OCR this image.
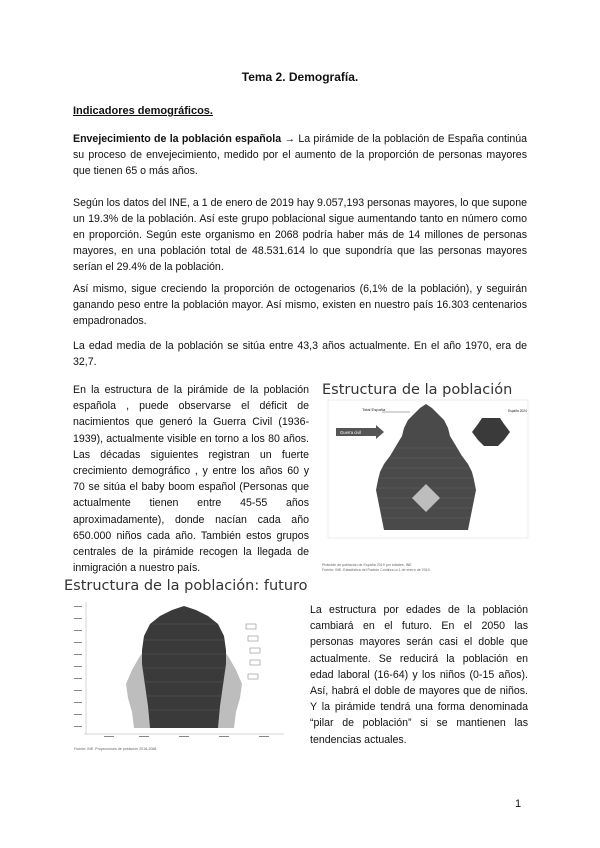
Tema 2. Demografía.
Indicadores demográficos.

Envejecimiento de la población española → La pirámide de la población de España continúa su proceso de envejecimiento, medido por el aumento de la proporción de personas mayores que tienen 65 o más años.

Según los datos del INE, a 1 de enero de 2019 hay 9.057,193 personas mayores, lo que supone un 19.3% de la población. Así este grupo poblacional sigue aumentando tanto en número como en proporción. Según este organismo en 2068 podría haber más de 14 millones de personas mayores, en una población total de 48.531.614 lo que supondría que las personas mayores serían el 29.4% de la población.

Así mismo, sigue creciendo la proporción de octogenarios (6,1% de la población), y seguirán ganando peso entre la población mayor. Así mismo, existen en nuestro país 16.303 centenarios empadronados.

La edad media de la población se sitúa entre 43,3 años actualmente. En el año 1970, era de 32,7.

En la estructura de la pirámide de la población española , puede observarse el déficit de nacimientos que generó la Guerra Civil (1936-1939), actualmente visible en torno a los 80 años. Las décadas siguientes registran un fuerte crecimiento demográfico , y entre los años 60 y 70 se sitúa el baby boom español (Personas que actualmente tienen entre 45-55 años aproximadamente), donde nacían cada año 650.000 niños cada año. También estos grupos centrales de la pirámide recogen la llegada de inmigración a nuestro país.

Estructura de la población
Total España
Guerra civil
España 2024
Pirámide de población de España 2019 por edades, INE
Fuente: INE. Estadística del Padrón Continuo a 1 de enero de 2019.
Estructura de la población: futuro
Fuente: INE. Proyecciones de población 2018-2068.

La estructura por edades de la población cambiará en el futuro. En el 2050 las personas mayores serán casi el doble que actualmente. Se reducirá la población en edad laboral (16-64) y los niños (0-15 años). Así, habrá el doble de mayores que de niños. Y la pirámide tendrá una forma denominada “pilar de población” si se mantienen las tendencias actuales.

1
